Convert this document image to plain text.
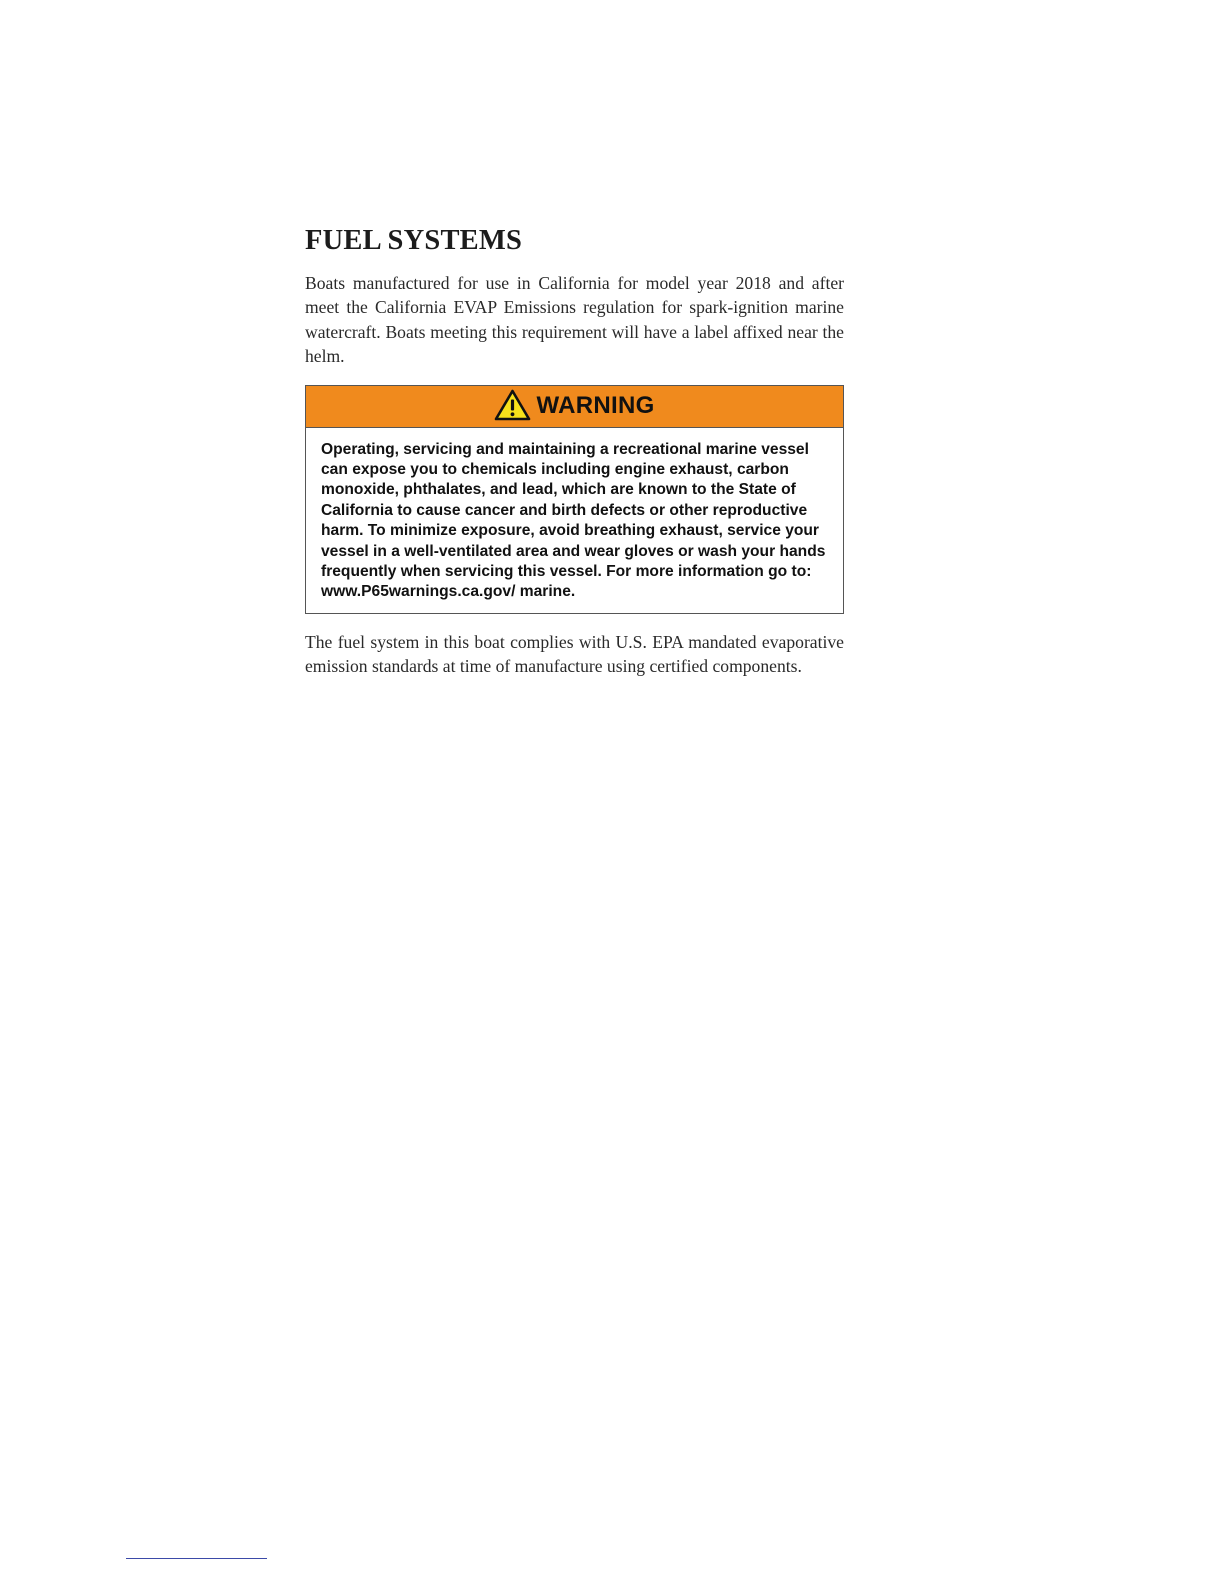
FUEL SYSTEMS

Boats manufactured for use in California for model year 2018 and after meet the California EVAP Emissions regulation for spark-ignition marine watercraft. Boats meeting this requirement will have a label affixed near the helm.

WARNING

Operating, servicing and maintaining a recreational marine vessel can expose you to chemicals including engine exhaust, carbon monoxide, phthalates, and lead, which are known to the State of California to cause cancer and birth defects or other reproductive harm. To minimize exposure, avoid breathing exhaust, service your vessel in a well-ventilated area and wear gloves or wash your hands frequently when servicing this vessel. For more information go to: www.P65warnings.ca.gov/ marine.

The fuel system in this boat complies with U.S. EPA mandated evaporative emission standards at time of manufacture using certified components.
